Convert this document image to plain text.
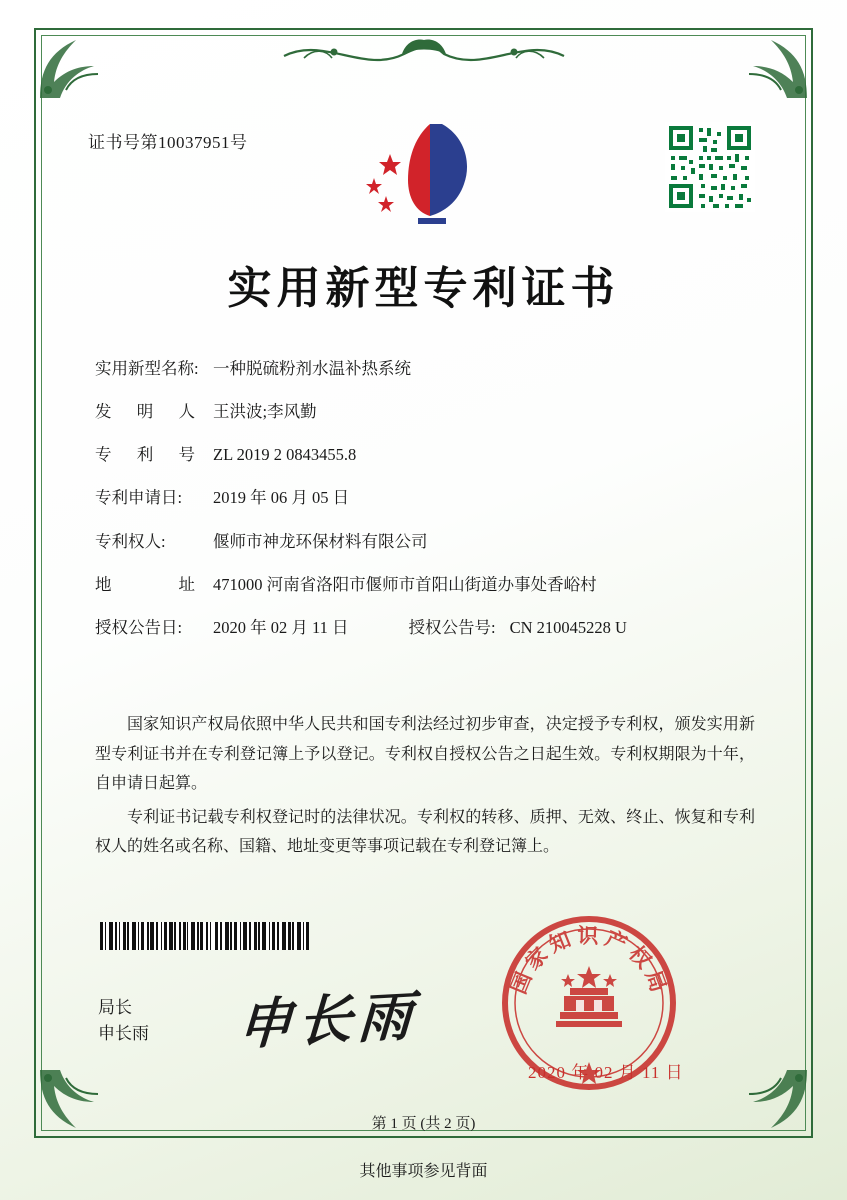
证书号第10037951号
实用新型专利证书
实用新型名称: 一种脱硫粉剂水温补热系统
发明人	王洪波;李风勤
专利号	ZL 2019 2 0843455.8
专利申请日:	2019 年 06 月 05 日
专利权人:	偃师市神龙环保材料有限公司
地址	471000 河南省洛阳市偃师市首阳山街道办事处香峪村
授权公告日:	2020 年 02 月 11 日	授权公告号: CN 210045228 U

国家知识产权局依照中华人民共和国专利法经过初步审查，决定授予专利权，颁发实用新型专利证书并在专利登记簿上予以登记。专利权自授权公告之日起生效。专利权期限为十年，自申请日起算。

专利证书记载专利权登记时的法律状况。专利权的转移、质押、无效、终止、恢复和专利权人的姓名或名称、国籍、地址变更等事项记载在专利登记簿上。

局长
申长雨 申长雨
国家知识产权局
2020 年 02 月 11 日
第 1 页 (共 2 页)
其他事项参见背面
